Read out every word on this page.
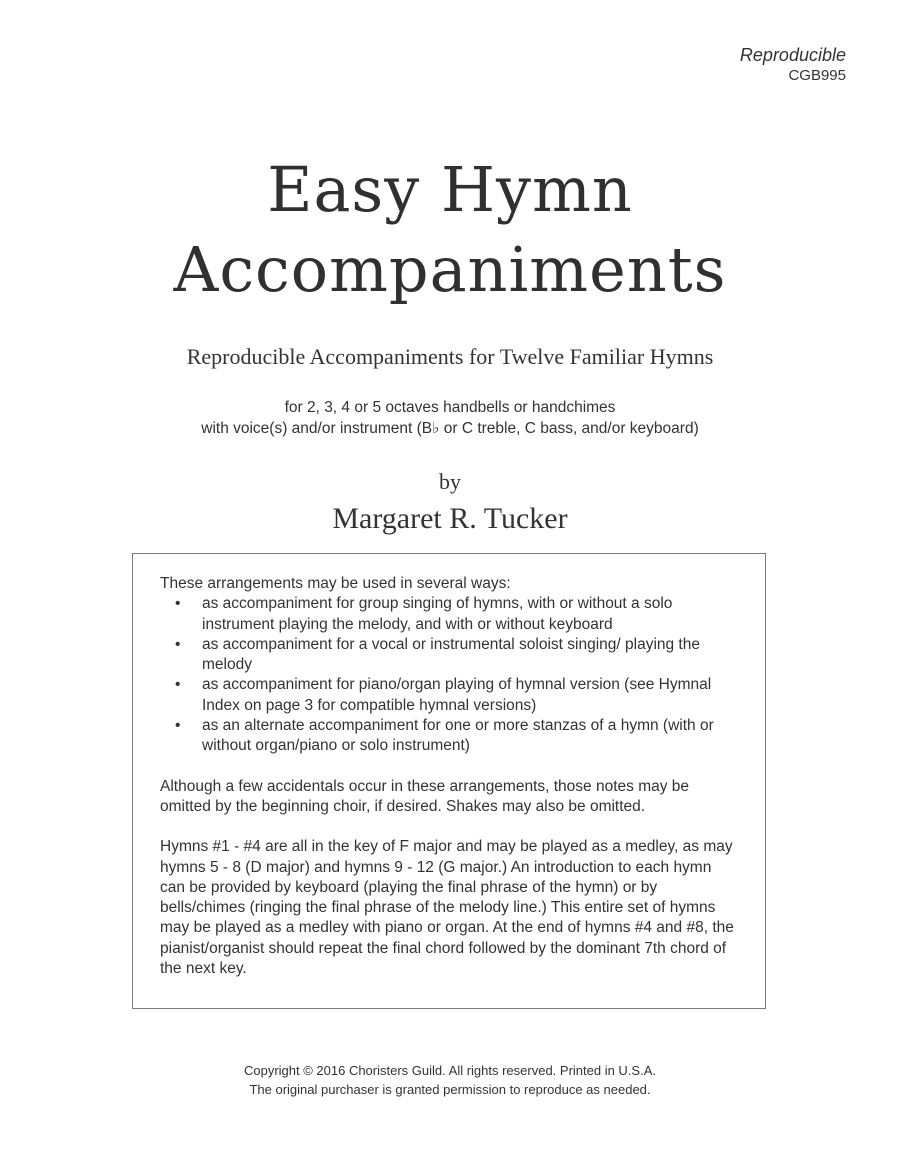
Reproducible
CGB995
Easy Hymn
Accompaniments
Reproducible Accompaniments for Twelve Familiar Hymns
for 2, 3, 4 or 5 octaves handbells or handchimes
with voice(s) and/or instrument (B♭ or C treble, C bass, and/or keyboard)
by
Margaret R. Tucker

These arrangements may be used in several ways:

• as accompaniment for group singing of hymns, with or without a solo instrument playing the melody, and with or without keyboard
• as accompaniment for a vocal or instrumental soloist singing/ playing the melody
• as accompaniment for piano/organ playing of hymnal version (see Hymnal Index on page 3 for compatible hymnal versions)
• as an alternate accompaniment for one or more stanzas of a hymn (with or without organ/piano or solo instrument)

Although a few accidentals occur in these arrangements, those notes may be omitted by the beginning choir, if desired. Shakes may also be omitted.

Hymns #1 - #4 are all in the key of F major and may be played as a medley, as may hymns 5 - 8 (D major) and hymns 9 - 12 (G major.) An introduction to each hymn can be provided by keyboard (playing the final phrase of the hymn) or by bells/chimes (ringing the final phrase of the melody line.) This entire set of hymns may be played as a medley with piano or organ. At the end of hymns #4 and #8, the pianist/organist should repeat the final chord followed by the dominant 7th chord of the next key.

Copyright © 2016 Choristers Guild. All rights reserved. Printed in U.S.A.
The original purchaser is granted permission to reproduce as needed.
